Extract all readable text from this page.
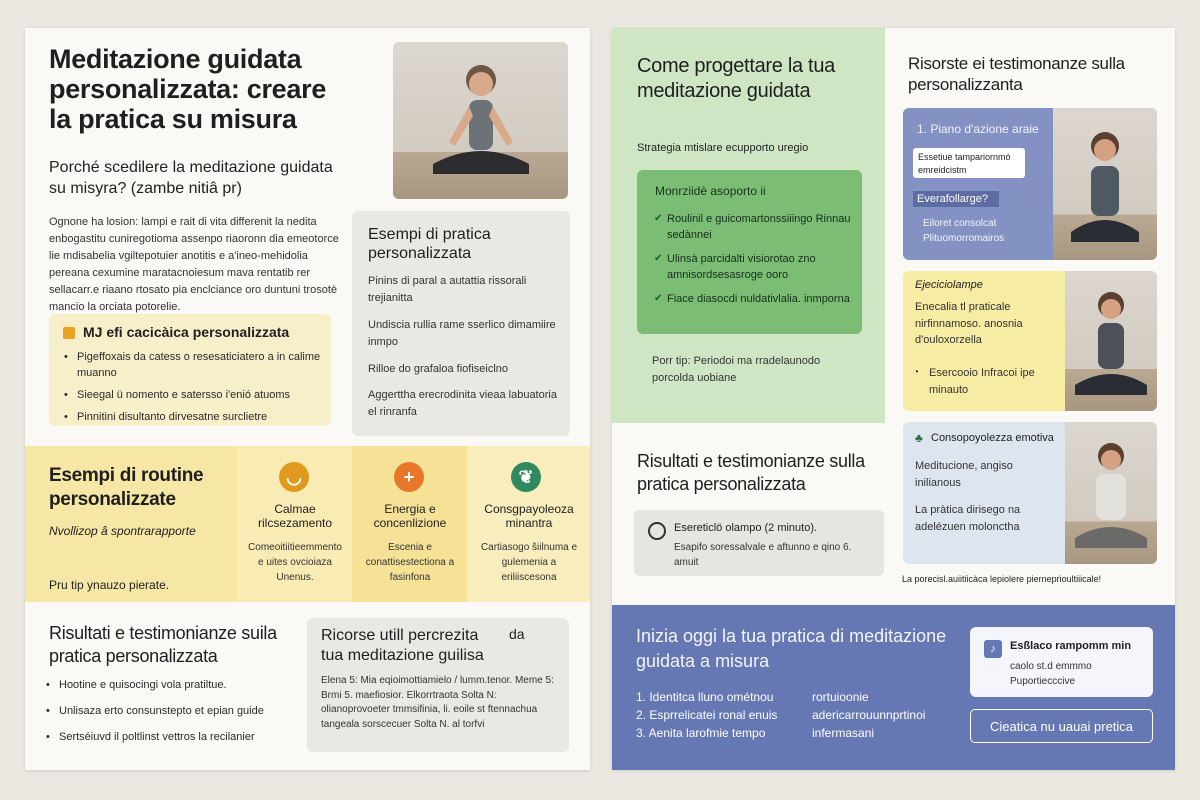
Meditazione guidata personalizzata: creare la pratica su misura
Porché scedilere la meditazione guidata su misyra? (zambe nitiâ pr)
Ognone ha losion: lampi e rait di vita differenit la nedita enbogastitu cuniregotioma assenpo riaoronn dia emeotorce lie mdisabelia vgiltepotuier anotitis e a'ineo-mehidolia pereana cexumine maratacnoiesum mava rentatib rer sellacarr.e riaano rtosato pia enclciance oro duntuni trosotè mancio la orciata potorelie.
MJ efi cacicàica personalizzata
• Pigeffoxais da catess o resesaticiatero a in calime muanno
• Sieegal ü nomento e satersso i'enió atuoms
• Pinnitini disultanto dirvesatne surclietre
Esempi di pratica personalizzata
Pinins di paral a autattia rissorali trejianitta
Undiscia rullia rame sserlico dimamiire inmpo
Rilloe do grafaloa fiofiseiclno
Aggerttha erecrodinita vieaa labuatoria el rinranfa
Esempi di routine personalizzate
Nvollizop â spontrarapporte
Pru tip ynauzo pierate.
◡
Calmae rilcsezamento
Comeoitiitieemmento e uites ovcioiaza Unenus.
+
Energia e concenlizione
Escenia e conattisestectiona a fasinfona
❦
Consgpayoleoza minantra
Cartiasogo šiilnuma e gulemenia a eriliiscesona
Risultati e testimonianze suila pratica personalizzata
• Hootine e quisocingi vola pratiltue.
• Unlisaza erto consunstepto et epian guide
• Sertséiuvd il poltlinst vettros la recilanier
Ricorse utill percrezita tua meditazione guilisa
da
Elena 5: Mia eqioimottiamielo / lumm.tenor. Meme 5: Brmi 5. maefiosior. Elkorrtraota Solta N: olianoprovoeter tmmsifinia, li. eoile st ftennachua tangeala sorscecuer Solta N. al torfvi
Come progettare la tua meditazione guidata
Strategia mtislare ecupporto uregio
Monrziidè asoporto ii
✔ Roulinil e guicomartonssiiingo Rinnau sedànnei
✔ Ulinsà parcidalti visiorotao zno amnisordsesasroge ooro
✔ Fiace diasocdi nuldativlalia. inmporna
Porr tip: Periodoi ma rradelaunodo porcolda uobiane
Risultati e testimonianze sulla pratica personalizzata
Esereticlö olampo (2 minuto).
Esapifo soressalvale e aftunno e qino 6. amuit
Risorste ei testimonanze sulla personalizzanta
1. Piano d'azione araie
Essetiue tampariornmó emreidcistm
Everafollarge?
Eiloret consolcat Plituomorromairos
Ejeciciolampe
Enecalia tl praticale nirfinnamoso. anosnia d'ouloxorzella
◔ Esercooio Infracoi ipe minauto
♣ Consopoyolezza emotiva
Meditucione, angiso inilianous
La pràtica dirisego na adelézuen molonctha
La porecisl.auiitiicàca lepiolere pierneprioultiiicale!
Inizia oggi la tua pratica di meditazione guidata a misura
1. Identitca lluno ométnou
2. Esprrelicatei ronal enuis
3. Aenita larofmie tempo
rortuioonie
adericarrouunnprtinoi
infermasani
♪	Esßlaco rampomm min
caolo st.d emmmo Puportiecccive
Cieatica nu uauai pretica
